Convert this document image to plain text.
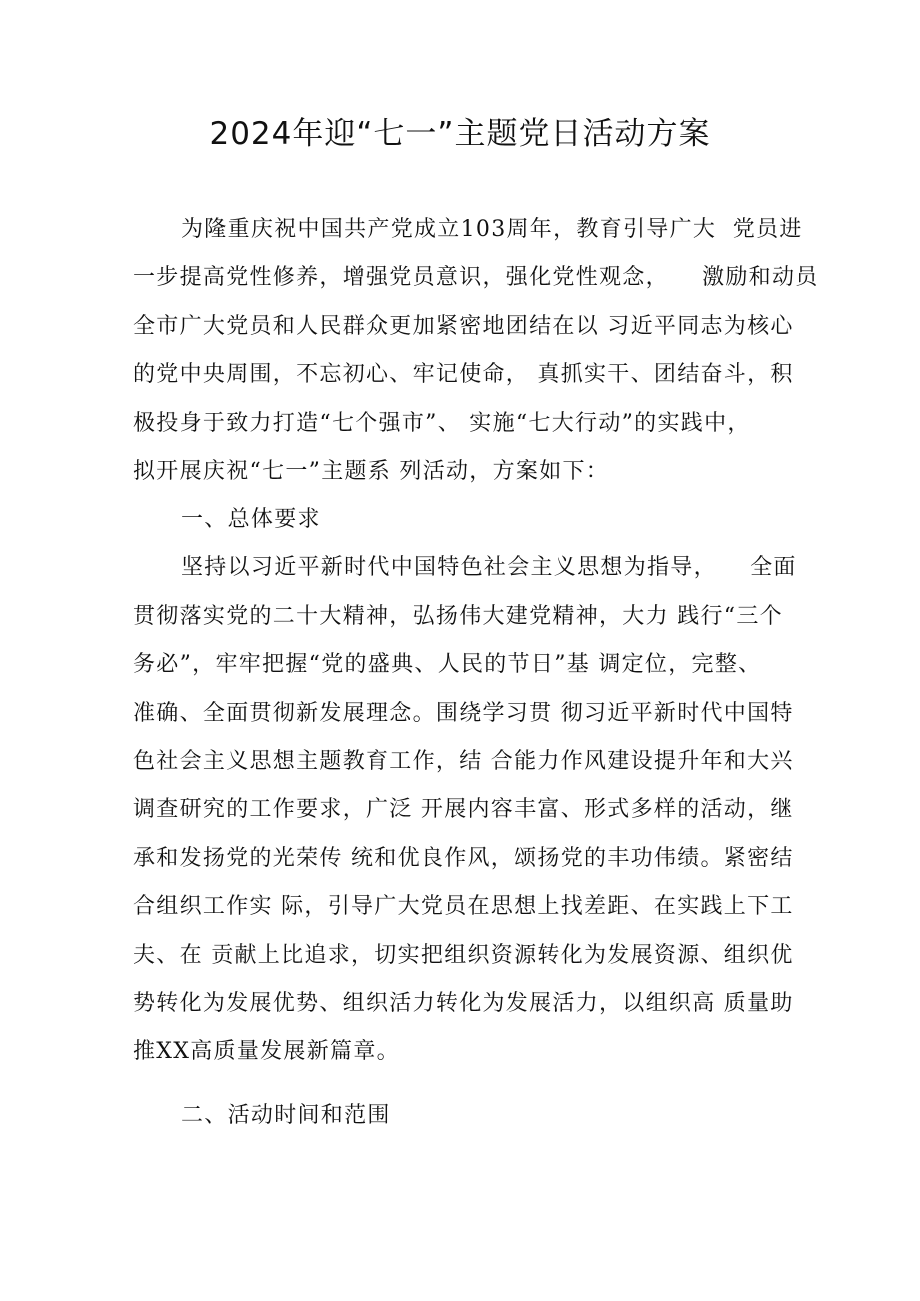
2024年迎“七一”主题党日活动方案
为隆重庆祝中国共产党成立103周年，教育引导广大  党员进
一步提高党性修养，增强党员意识，强化党性观念，    激励和动员
全市广大党员和人民群众更加紧密地团结在以 习近平同志为核心
的党中央周围，不忘初心、牢记使命， 真抓实干、团结奋斗，积
极投身于致力打造“七个强市”、 实施“七大行动”的实践中，
拟开展庆祝“七一”主题系 列活动，方案如下：
一、总体要求
坚持以习近平新时代中国特色社会主义思想为指导，    全面
贯彻落实党的二十大精神，弘扬伟大建党精神，大力 践行“三个
务必”，牢牢把握“党的盛典、人民的节日”基 调定位，完整、
准确、全面贯彻新发展理念。围绕学习贯 彻习近平新时代中国特
色社会主义思想主题教育工作，结 合能力作风建设提升年和大兴
调查研究的工作要求，广泛 开展内容丰富、形式多样的活动，继
承和发扬党的光荣传 统和优良作风，颂扬党的丰功伟绩。紧密结
合组织工作实 际，引导广大党员在思想上找差距、在实践上下工
夫、在 贡献上比追求，切实把组织资源转化为发展资源、组织优
势转化为发展优势、组织活力转化为发展活力，以组织高 质量助
推XX高质量发展新篇章。
二、活动时间和范围
